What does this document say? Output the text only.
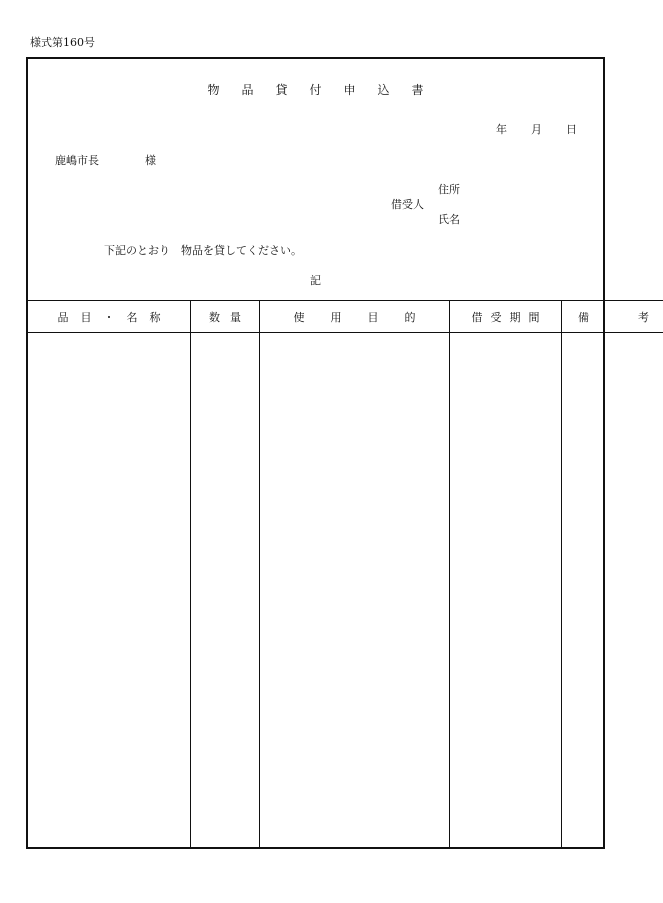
様式第160号
物品貸付申込書
年 月 日
鹿嶋市長	様
借受人
住所
氏名
下記のとおり　物品を貸してください。
記
品目・名称	数量	使用目的	借受期間	備 考
